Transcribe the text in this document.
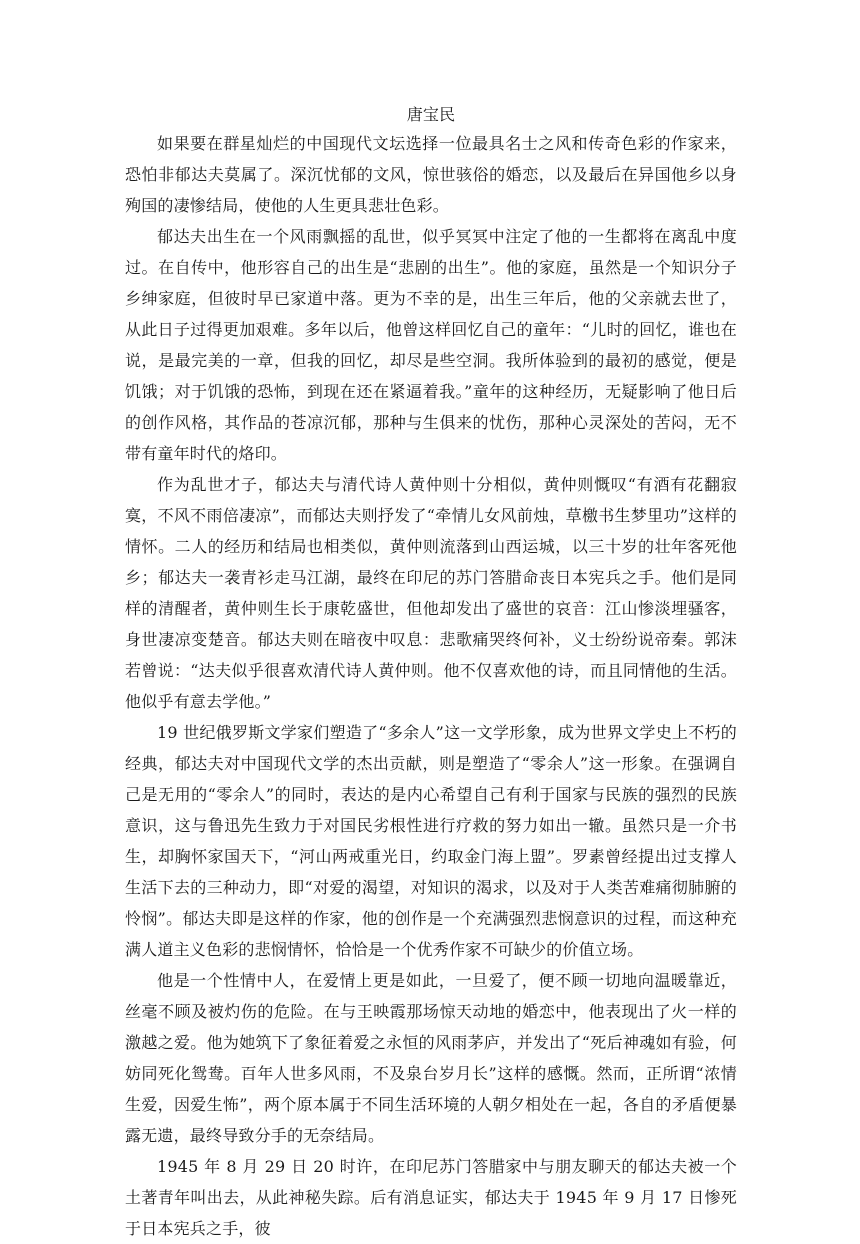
唐宝民

如果要在群星灿烂的中国现代文坛选择一位最具名士之风和传奇色彩的作家来，恐怕非郁达夫莫属了。深沉忧郁的文风，惊世骇俗的婚恋，以及最后在异国他乡以身殉国的凄惨结局，使他的人生更具悲壮色彩。

郁达夫出生在一个风雨飘摇的乱世，似乎冥冥中注定了他的一生都将在离乱中度过。在自传中，他形容自己的出生是“悲剧的出生”。他的家庭，虽然是一个知识分子乡绅家庭，但彼时早已家道中落。更为不幸的是，出生三年后，他的父亲就去世了，从此日子过得更加艰难。多年以后，他曾这样回忆自己的童年：“儿时的回忆，谁也在说，是最完美的一章，但我的回忆，却尽是些空洞。我所体验到的最初的感觉，便是饥饿；对于饥饿的恐怖，到现在还在紧逼着我。”童年的这种经历，无疑影响了他日后的创作风格，其作品的苍凉沉郁，那种与生俱来的忧伤，那种心灵深处的苦闷，无不带有童年时代的烙印。

作为乱世才子，郁达夫与清代诗人黄仲则十分相似，黄仲则慨叹“有酒有花翻寂寞，不风不雨倍凄凉”，而郁达夫则抒发了“牵情儿女风前烛，草檄书生梦里功”这样的情怀。二人的经历和结局也相类似，黄仲则流落到山西运城，以三十岁的壮年客死他乡；郁达夫一袭青衫走马江湖，最终在印尼的苏门答腊命丧日本宪兵之手。他们是同样的清醒者，黄仲则生长于康乾盛世，但他却发出了盛世的哀音：江山惨淡埋骚客，身世凄凉变楚音。郁达夫则在暗夜中叹息：悲歌痛哭终何补，义士纷纷说帝秦。郭沫若曾说：“达夫似乎很喜欢清代诗人黄仲则。他不仅喜欢他的诗，而且同情他的生活。他似乎有意去学他。”

19 世纪俄罗斯文学家们塑造了“多余人”这一文学形象，成为世界文学史上不朽的经典，郁达夫对中国现代文学的杰出贡献，则是塑造了“零余人”这一形象。在强调自己是无用的“零余人”的同时，表达的是内心希望自己有利于国家与民族的强烈的民族意识，这与鲁迅先生致力于对国民劣根性进行疗救的努力如出一辙。虽然只是一介书生，却胸怀家国天下，“河山两戒重光日，约取金门海上盟”。罗素曾经提出过支撑人生活下去的三种动力，即“对爱的渴望，对知识的渴求，以及对于人类苦难痛彻肺腑的怜悯”。郁达夫即是这样的作家，他的创作是一个充满强烈悲悯意识的过程，而这种充满人道主义色彩的悲悯情怀，恰恰是一个优秀作家不可缺少的价值立场。

他是一个性情中人，在爱情上更是如此，一旦爱了，便不顾一切地向温暖靠近，丝毫不顾及被灼伤的危险。在与王映霞那场惊天动地的婚恋中，他表现出了火一样的激越之爱。他为她筑下了象征着爱之永恒的风雨茅庐，并发出了“死后神魂如有验，何妨同死化鸳鸯。百年人世多风雨，不及泉台岁月长”这样的感慨。然而，正所谓“浓情生爱，因爱生怖”，两个原本属于不同生活环境的人朝夕相处在一起，各自的矛盾便暴露无遗，最终导致分手的无奈结局。

1945 年 8 月 29 日 20 时许，在印尼苏门答腊家中与朋友聊天的郁达夫被一个土著青年叫出去，从此神秘失踪。后有消息证实，郁达夫于 1945 年 9 月 17 日惨死于日本宪兵之手，彼
